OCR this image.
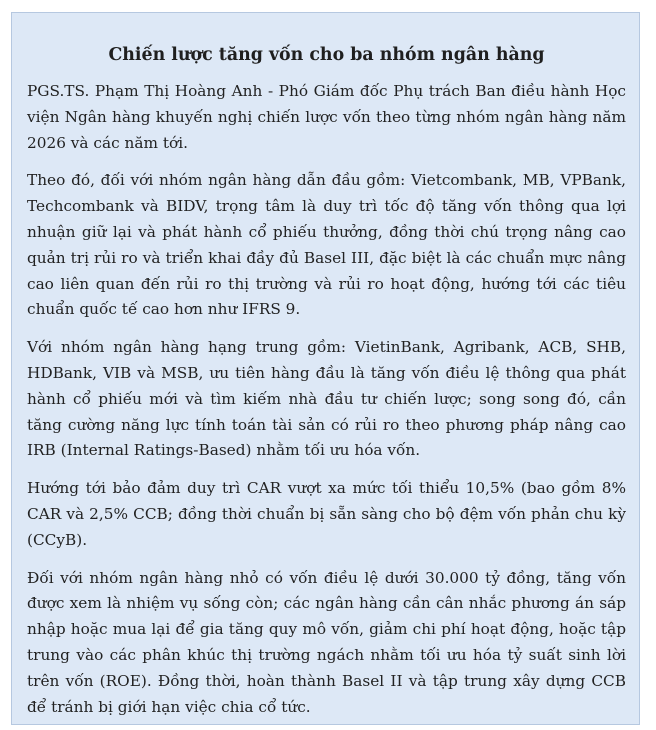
Chiến lược tăng vốn cho ba nhóm ngân hàng

PGS.TS. Phạm Thị Hoàng Anh - Phó Giám đốc Phụ trách Ban điều hành Học viện Ngân hàng khuyến nghị chiến lược vốn theo từng nhóm ngân hàng năm 2026 và các năm tới.

Theo đó, đối với nhóm ngân hàng dẫn đầu gồm: Vietcombank, MB, VPBank, Techcombank và BIDV, trọng tâm là duy trì tốc độ tăng vốn thông qua lợi nhuận giữ lại và phát hành cổ phiếu thưởng, đồng thời chú trọng nâng cao quản trị rủi ro và triển khai đầy đủ Basel III, đặc biệt là các chuẩn mực nâng cao liên quan đến rủi ro thị trường và rủi ro hoạt động, hướng tới các tiêu chuẩn quốc tế cao hơn như IFRS 9.

Với nhóm ngân hàng hạng trung gồm: VietinBank, Agribank, ACB, SHB, HDBank, VIB và MSB, ưu tiên hàng đầu là tăng vốn điều lệ thông qua phát hành cổ phiếu mới và tìm kiếm nhà đầu tư chiến lược; song song đó, cần tăng cường năng lực tính toán tài sản có rủi ro theo phương pháp nâng cao IRB (Internal Ratings-Based) nhằm tối ưu hóa vốn.

Hướng tới bảo đảm duy trì CAR vượt xa mức tối thiểu 10,5% (bao gồm 8% CAR và 2,5% CCB; đồng thời chuẩn bị sẵn sàng cho bộ đệm vốn phản chu kỳ (CCyB).

Đối với nhóm ngân hàng nhỏ có vốn điều lệ dưới 30.000 tỷ đồng, tăng vốn được xem là nhiệm vụ sống còn; các ngân hàng cần cân nhắc phương án sáp nhập hoặc mua lại để gia tăng quy mô vốn, giảm chi phí hoạt động, hoặc tập trung vào các phân khúc thị trường ngách nhằm tối ưu hóa tỷ suất sinh lời trên vốn (ROE). Đồng thời, hoàn thành Basel II và tập trung xây dựng CCB để tránh bị giới hạn việc chia cổ tức.
